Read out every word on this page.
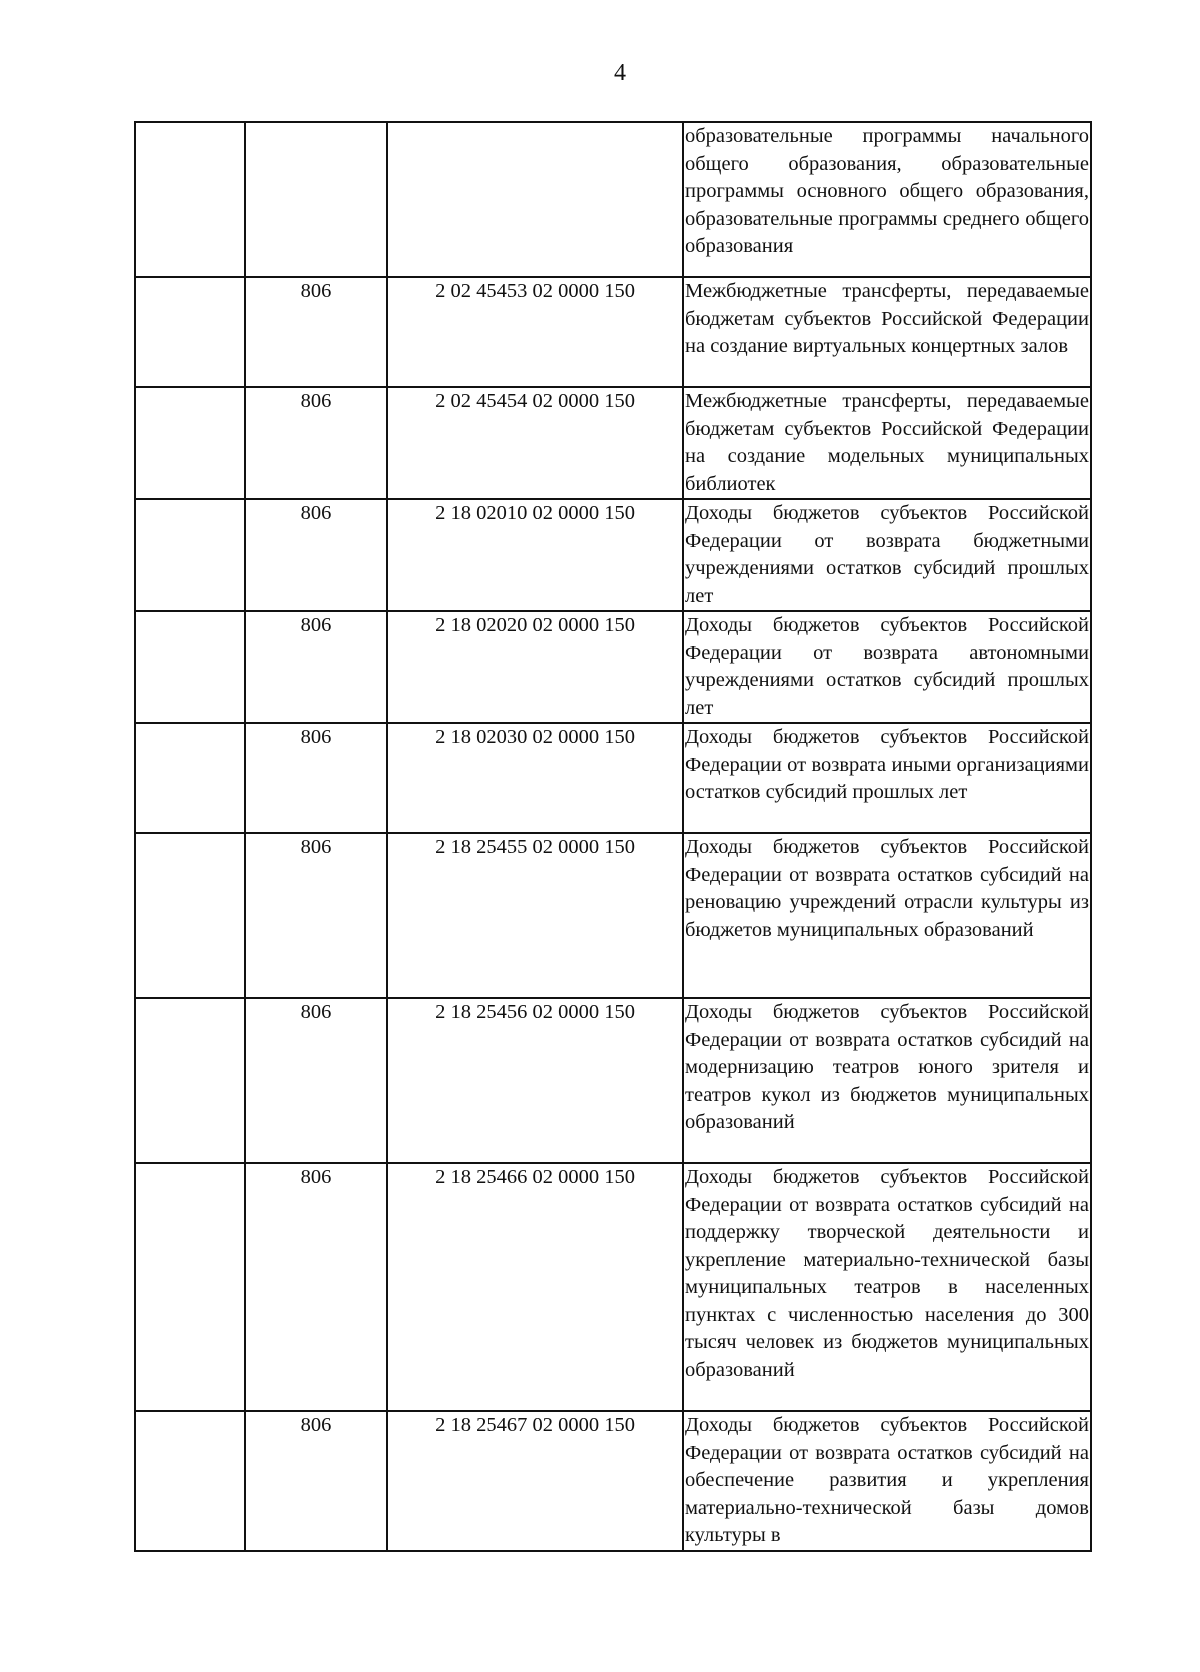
4
			образовательные программы начального общего образования, образовательные программы основного общего образования, образовательные программы среднего общего образования
	806	2 02 45453 02 0000 150	Межбюджетные трансферты, передаваемые бюджетам субъектов Российской Федерации на создание виртуальных концертных залов
	806	2 02 45454 02 0000 150	Межбюджетные трансферты, передаваемые бюджетам субъектов Российской Федерации на создание модельных муниципальных библиотек
	806	2 18 02010 02 0000 150	Доходы бюджетов субъектов Российской Федерации от возврата бюджетными учреждениями остатков субсидий прошлых лет
	806	2 18 02020 02 0000 150	Доходы бюджетов субъектов Российской Федерации от возврата автономными учреждениями остатков субсидий прошлых лет
	806	2 18 02030 02 0000 150	Доходы бюджетов субъектов Российской Федерации от возврата иными организациями остатков субсидий прошлых лет
	806	2 18 25455 02 0000 150	Доходы бюджетов субъектов Российской Федерации от возврата остатков субсидий на реновацию учреждений отрасли культуры из бюджетов муниципальных образований
	806	2 18 25456 02 0000 150	Доходы бюджетов субъектов Российской Федерации от возврата остатков субсидий на модернизацию театров юного зрителя и театров кукол из бюджетов муниципальных образований
	806	2 18 25466 02 0000 150	Доходы бюджетов субъектов Российской Федерации от возврата остатков субсидий на поддержку творческой деятельности и укрепление материально-технической базы муниципальных театров в населенных пунктах с численностью населения до 300 тысяч человек из бюджетов муниципальных образований
	806	2 18 25467 02 0000 150	Доходы бюджетов субъектов Российской Федерации от возврата остатков субсидий на обеспечение развития и укрепления материально-технической базы домов культуры в
